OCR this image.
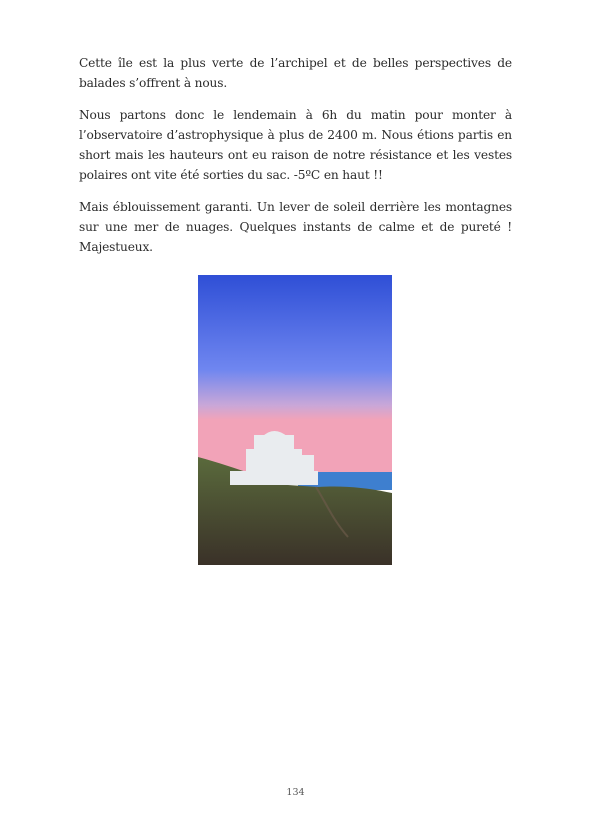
Cette île est la plus verte de l’archipel et de belles perspectives de balades s’offrent à nous.

Nous partons donc le lendemain à 6h du matin pour monter à l’observatoire d’astrophysique à plus de 2400 m. Nous étions partis en short mais les hauteurs ont eu raison de notre résistance et les vestes polaires ont vite été sorties du sac. -5ºC en haut !!

Mais éblouissement garanti. Un lever de soleil derrière les montagnes sur une mer de nuages. Quelques instants de calme et de pureté ! Majestueux.

134
